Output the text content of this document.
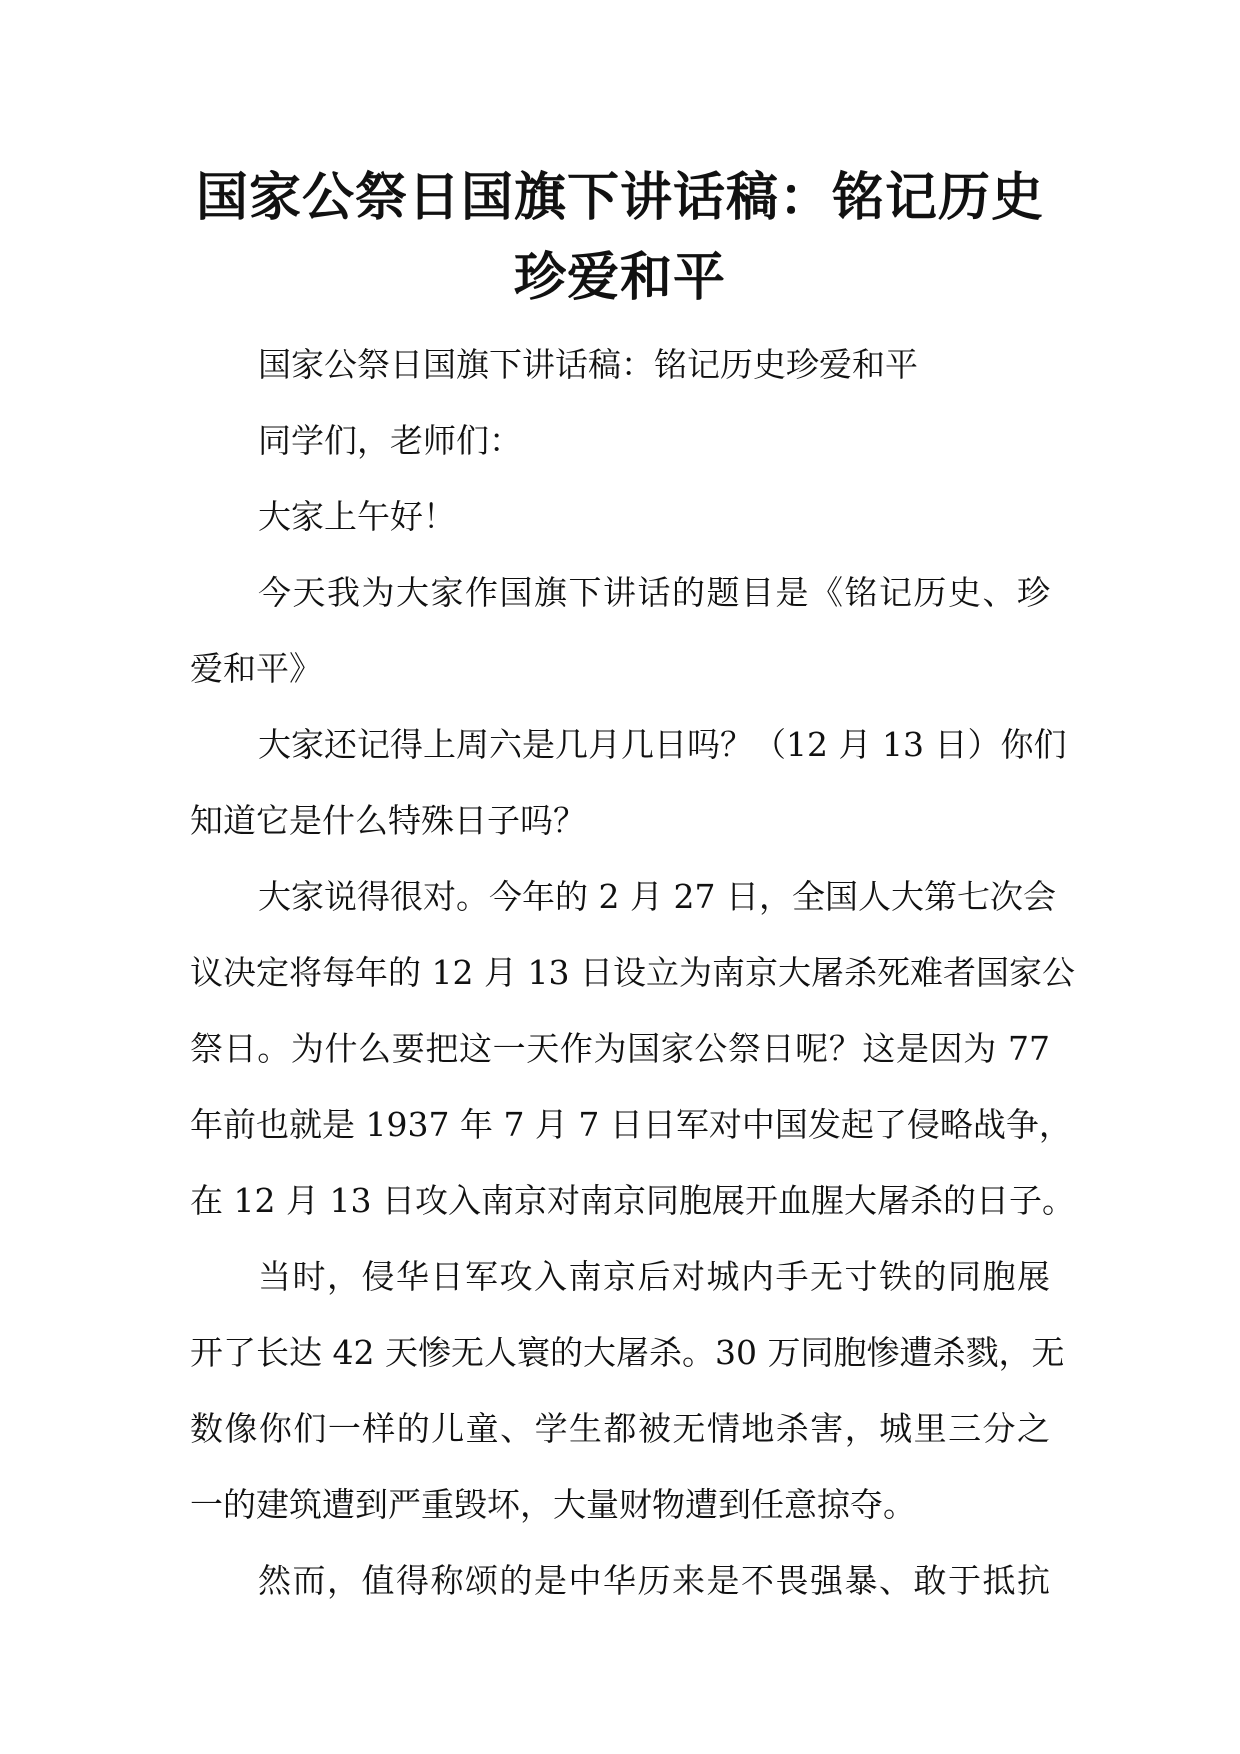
国家公祭日国旗下讲话稿：铭记历史
珍爱和平
国家公祭日国旗下讲话稿：铭记历史珍爱和平
同学们，老师们：
大家上午好！
今天我为大家作国旗下讲话的题目是《铭记历史、珍
爱和平》
大家还记得上周六是几月几日吗？（12 月 13 日）你们
知道它是什么特殊日子吗？
大家说得很对。今年的 2 月 27 日，全国人大第七次会
议决定将每年的 12 月 13 日设立为南京大屠杀死难者国家公
祭日。为什么要把这一天作为国家公祭日呢？这是因为 77
年前也就是 1937 年 7 月 7 日日军对中国发起了侵略战争，
在 12 月 13 日攻入南京对南京同胞展开血腥大屠杀的日子。
当时，侵华日军攻入南京后对城内手无寸铁的同胞展
开了长达 42 天惨无人寰的大屠杀。30 万同胞惨遭杀戮，无
数像你们一样的儿童、学生都被无情地杀害，城里三分之
一的建筑遭到严重毁坏，大量财物遭到任意掠夺。
然而，值得称颂的是中华历来是不畏强暴、敢于抵抗
